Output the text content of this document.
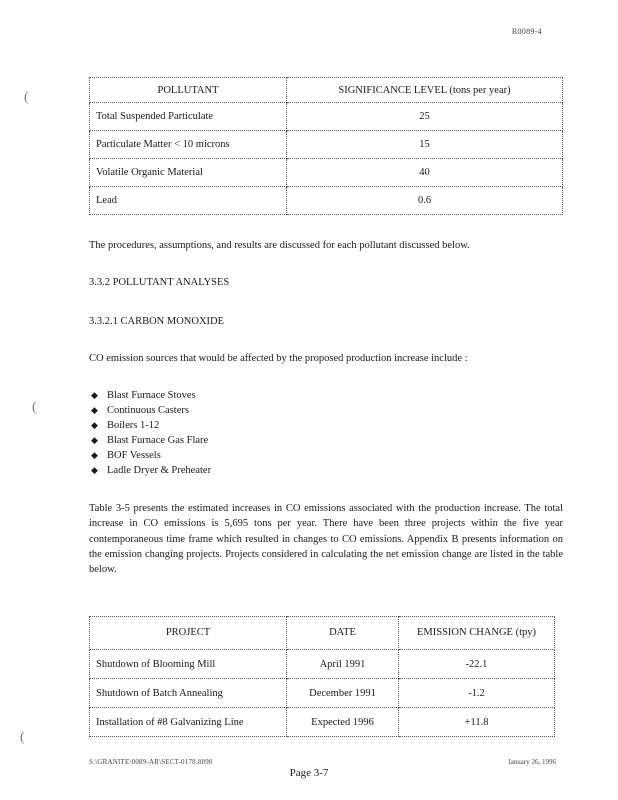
R0089-4
(
(
(
POLLUTANT	SIGNIFICANCE LEVEL (tons per year)
Total Suspended Particulate	25
Particulate Matter < 10 microns	15
Volatile Organic Material	40
Lead	0.6
The procedures, assumptions, and results are discussed for each pollutant discussed below.
3.3.2 POLLUTANT ANALYSES
3.3.2.1 CARBON MONOXIDE
CO emission sources that would be affected by the proposed production increase include :
◆ Blast Furnace Stoves
◆ Continuous Casters
◆ Boilers 1-12
◆ Blast Furnace Gas Flare
◆ BOF Vessels
◆ Ladle Dryer & Preheater
Table 3-5 presents the estimated increases in CO emissions associated with the production increase. The total increase in CO emissions is 5,695 tons per year. There have been three projects within the five year contemporaneous time frame which resulted in changes to CO emissions. Appendix B presents information on the emission changing projects. Projects considered in calculating the net emission change are listed in the table below.
PROJECT	DATE	EMISSION CHANGE (tpy)
Shutdown of Blooming Mill	April 1991	-22.1
Shutdown of Batch Annealing	December 1991	-1.2
Installation of #8 Galvanizing Line	Expected 1996	+11.8
S:\GRANITE\0089-AR\SECT-0178.8890	January 26, 1996
Page 3-7
